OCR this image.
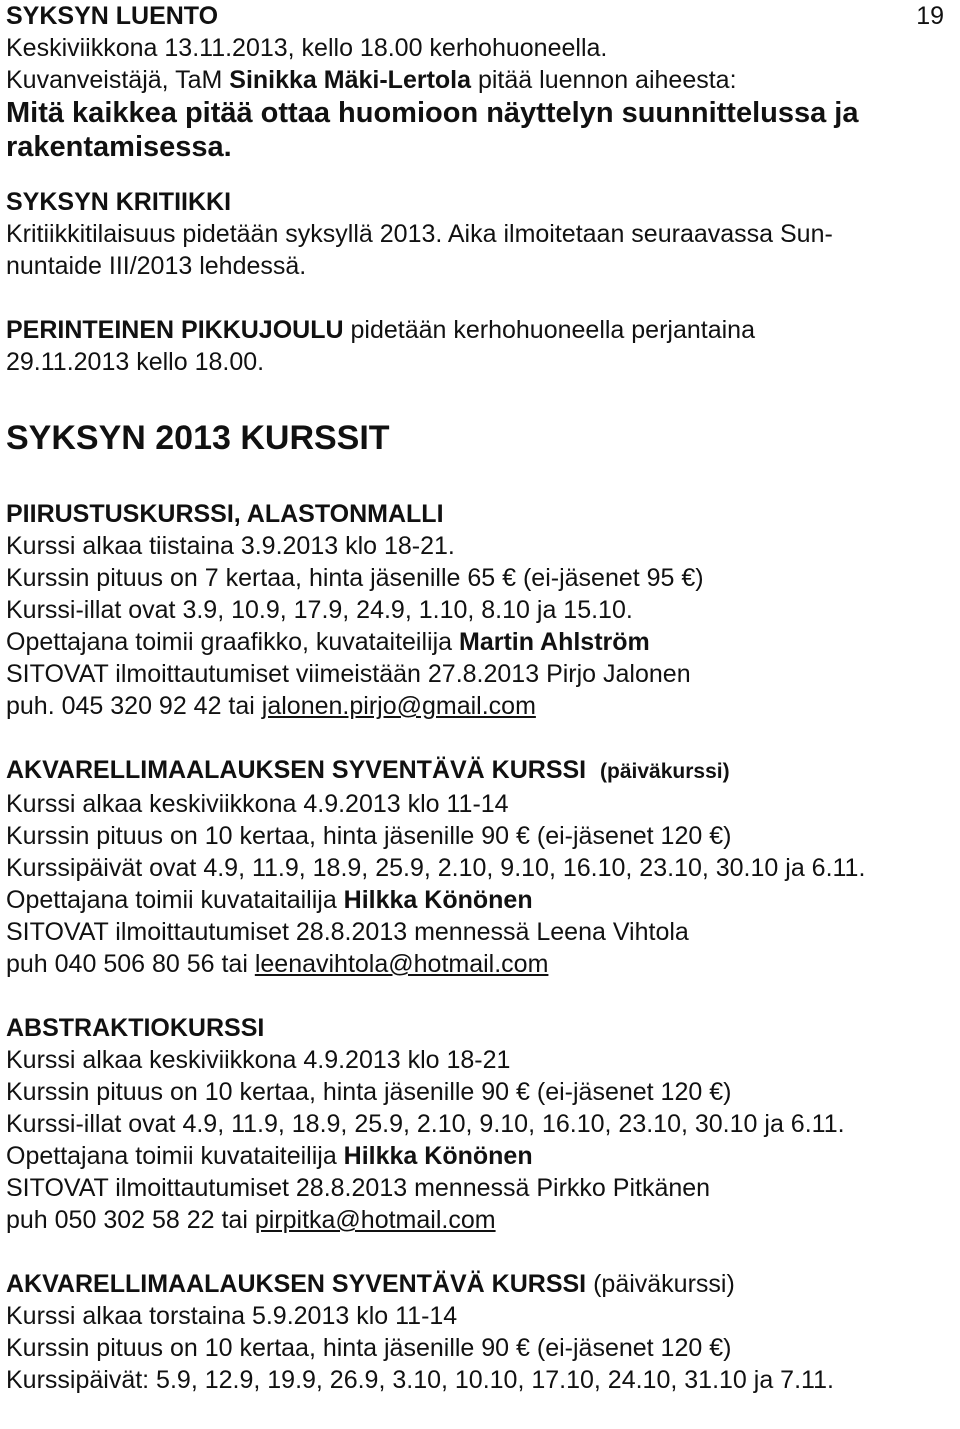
19
SYKSYN LUENTO
Keskiviikkona 13.11.2013, kello 18.00 kerhohuoneella.
Kuvanveistäjä, TaM Sinikka Mäki-Lertola pitää luennon aiheesta:
Mitä kaikkea pitää ottaa huomioon näyttelyn suunnittelussa ja
rakentamisessa.
SYKSYN KRITIIKKI
Kritiikkitilaisuus pidetään syksyllä 2013. Aika ilmoitetaan seuraavassa Sun-
nuntaide III/2013 lehdessä.
PERINTEINEN PIKKUJOULU pidetään kerhohuoneella perjantaina
29.11.2013 kello 18.00.
SYKSYN 2013 KURSSIT
PIIRUSTUSKURSSI, ALASTONMALLI
Kurssi alkaa tiistaina 3.9.2013 klo 18-21.
Kurssin pituus on 7 kertaa, hinta jäsenille 65 € (ei-jäsenet 95 €)
Kurssi-illat ovat 3.9, 10.9, 17.9, 24.9, 1.10, 8.10 ja 15.10.
Opettajana toimii graafikko, kuvataiteilija Martin Ahlström
SITOVAT ilmoittautumiset viimeistään 27.8.2013 Pirjo Jalonen
puh. 045 320 92 42 tai jalonen.pirjo@gmail.com
AKVARELLIMAALAUKSEN SYVENTÄVÄ KURSSI (päiväkurssi)
Kurssi alkaa keskiviikkona 4.9.2013 klo 11-14
Kurssin pituus on 10 kertaa, hinta jäsenille 90 € (ei-jäsenet 120 €)
Kurssipäivät ovat 4.9, 11.9, 18.9, 25.9, 2.10, 9.10, 16.10, 23.10, 30.10 ja 6.11.
Opettajana toimii kuvataitailija Hilkka Könönen
SITOVAT ilmoittautumiset 28.8.2013 mennessä Leena Vihtola
puh 040 506 80 56 tai leenavihtola@hotmail.com
ABSTRAKTIOKURSSI
Kurssi alkaa keskiviikkona 4.9.2013 klo 18-21
Kurssin pituus on 10 kertaa, hinta jäsenille 90 € (ei-jäsenet 120 €)
Kurssi-illat ovat 4.9, 11.9, 18.9, 25.9, 2.10, 9.10, 16.10, 23.10, 30.10 ja 6.11.
Opettajana toimii kuvataiteilija Hilkka Könönen
SITOVAT ilmoittautumiset 28.8.2013 mennessä Pirkko Pitkänen
puh 050 302 58 22 tai pirpitka@hotmail.com
AKVARELLIMAALAUKSEN SYVENTÄVÄ KURSSI (päiväkurssi)
Kurssi alkaa torstaina 5.9.2013 klo 11-14
Kurssin pituus on 10 kertaa, hinta jäsenille 90 € (ei-jäsenet 120 €)
Kurssipäivät: 5.9, 12.9, 19.9, 26.9, 3.10, 10.10, 17.10, 24.10, 31.10 ja 7.11.
